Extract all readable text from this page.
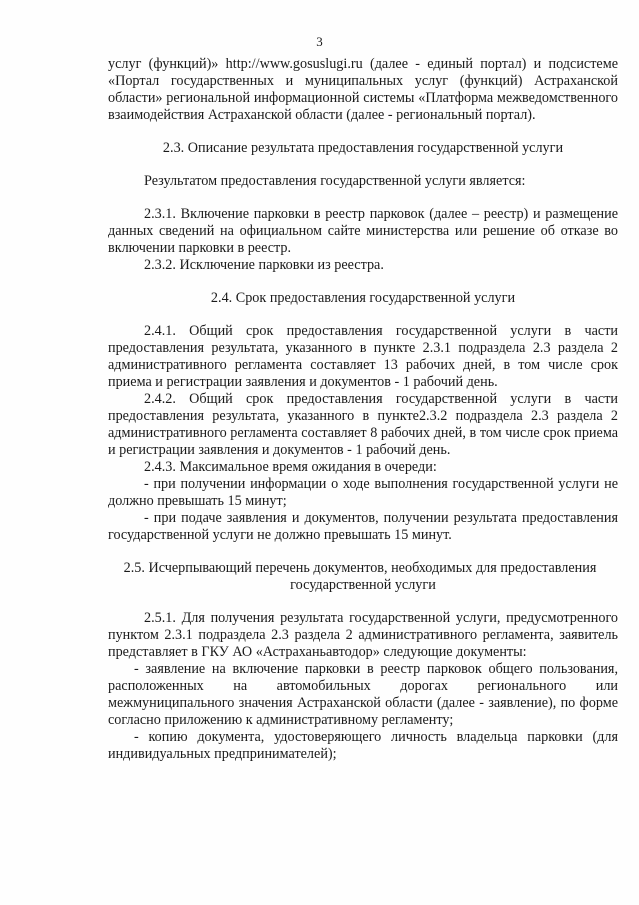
3

услуг (функций)» http://www.gosuslugi.ru (далее - единый портал) и подсистеме «Портал государственных и муниципальных услуг (функций) Астраханской области» региональной информационной системы «Платформа межведомственного взаимодействия Астраханской области (далее - региональный портал).

2.3. Описание результата предоставления государственной услуги

Результатом предоставления государственной услуги является:

2.3.1. Включение парковки в реестр парковок (далее – реестр) и размещение данных сведений на официальном сайте министерства или решение об отказе во включении парковки в реестр.

2.3.2. Исключение парковки из реестра.

2.4. Срок предоставления государственной услуги

2.4.1. Общий срок предоставления государственной услуги в части предоставления результата, указанного в пункте 2.3.1 подраздела 2.3 раздела 2 административного регламента составляет 13 рабочих дней, в том числе срок приема и регистрации заявления и документов - 1 рабочий день.

2.4.2. Общий срок предоставления государственной услуги в части предоставления результата, указанного в пункте2.3.2 подраздела 2.3 раздела 2 административного регламента составляет 8 рабочих дней, в том числе срок приема и регистрации заявления и документов - 1 рабочий день.

2.4.3. Максимальное время ожидания в очереди:

- при получении информации о ходе выполнения государственной услуги не должно превышать 15 минут;

- при подаче заявления и документов, получении результата предоставления государственной услуги не должно превышать 15 минут.

2.5. Исчерпывающий перечень документов, необходимых для предоставления

государственной услуги

2.5.1. Для получения результата государственной услуги, предусмотренного пунктом 2.3.1 подраздела 2.3 раздела 2 административного регламента, заявитель представляет в ГКУ АО «Астраханьавтодор» следующие документы:

- заявление на включение парковки в реестр парковок общего пользования, расположенных на автомобильных дорогах регионального или межмуниципального значения Астраханской области (далее - заявление), по форме согласно приложению к административному регламенту;

- копию документа, удостоверяющего личность владельца парковки (для индивидуальных предпринимателей);
